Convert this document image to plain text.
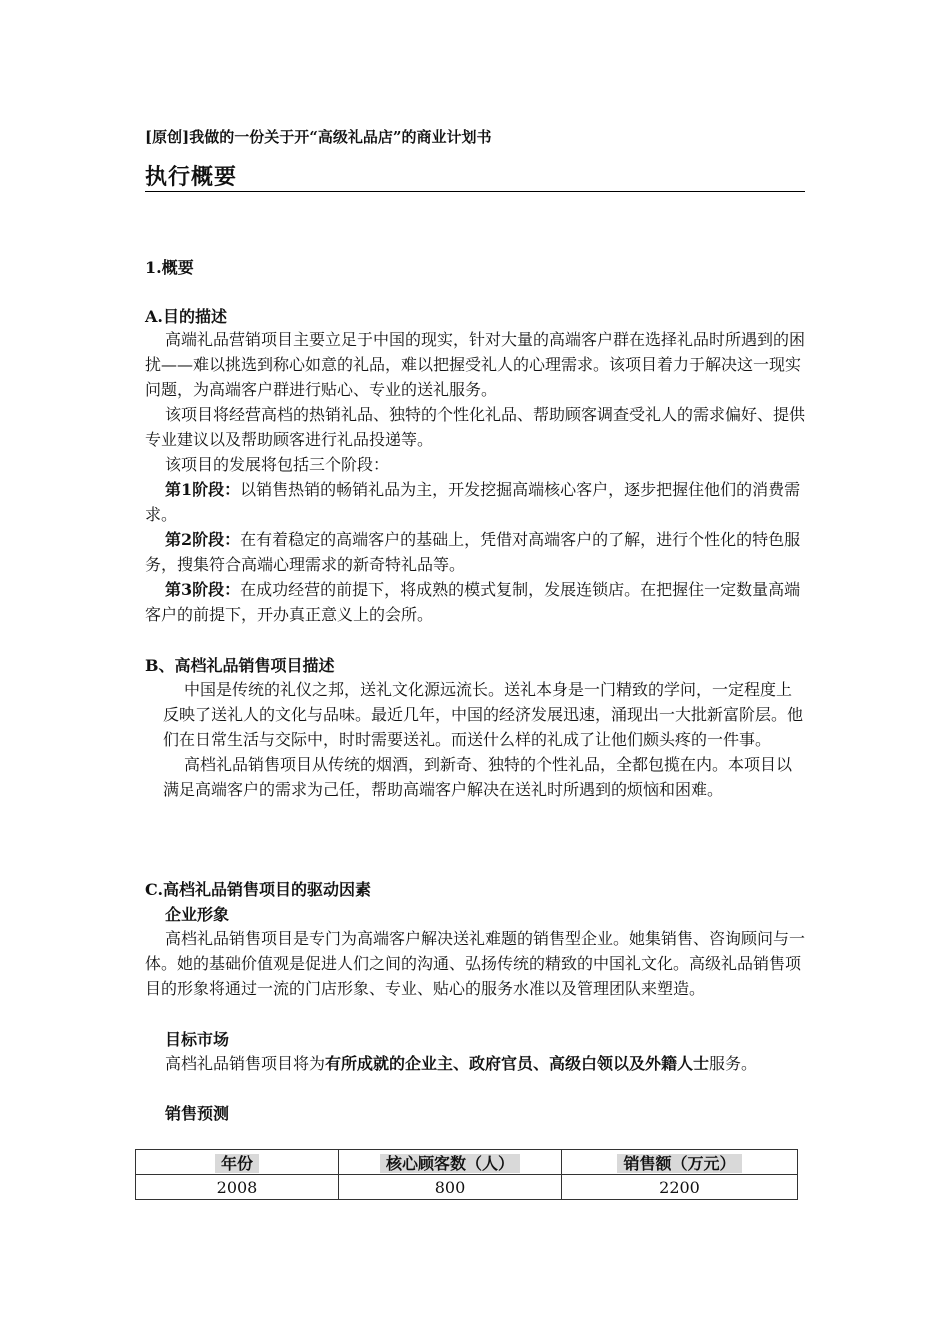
[原创]我做的一份关于开“高级礼品店”的商业计划书
执行概要
1.概要
A.目的描述

高端礼品营销项目主要立足于中国的现实，针对大量的高端客户群在选择礼品时所遇到的困扰——难以挑选到称心如意的礼品，难以把握受礼人的心理需求。该项目着力于解决这一现实问题，为高端客户群进行贴心、专业的送礼服务。

该项目将经营高档的热销礼品、独特的个性化礼品、帮助顾客调查受礼人的需求偏好、提供专业建议以及帮助顾客进行礼品投递等。

该项目的发展将包括三个阶段：

第1阶段：以销售热销的畅销礼品为主，开发挖掘高端核心客户，逐步把握住他们的消费需求。

第2阶段：在有着稳定的高端客户的基础上，凭借对高端客户的了解，进行个性化的特色服务，搜集符合高端心理需求的新奇特礼品等。

第3阶段：在成功经营的前提下，将成熟的模式复制，发展连锁店。在把握住一定数量高端客户的前提下，开办真正意义上的会所。

B、高档礼品销售项目描述

中国是传统的礼仪之邦，送礼文化源远流长。送礼本身是一门精致的学问，一定程度上反映了送礼人的文化与品味。最近几年，中国的经济发展迅速，涌现出一大批新富阶层。他们在日常生活与交际中，时时需要送礼。而送什么样的礼成了让他们颇头疼的一件事。

高档礼品销售项目从传统的烟酒，到新奇、独特的个性礼品，全都包揽在内。本项目以满足高端客户的需求为己任，帮助高端客户解决在送礼时所遇到的烦恼和困难。

C.高档礼品销售项目的驱动因素
企业形象

高档礼品销售项目是专门为高端客户解决送礼难题的销售型企业。她集销售、咨询顾问与一体。她的基础价值观是促进人们之间的沟通、弘扬传统的精致的中国礼文化。高级礼品销售项目的形象将通过一流的门店形象、专业、贴心的服务水准以及管理团队来塑造。

目标市场

高档礼品销售项目将为有所成就的企业主、政府官员、高级白领以及外籍人士服务。

销售预测
年份	核心顾客数（人）	销售额（万元）
2008	800	2200
